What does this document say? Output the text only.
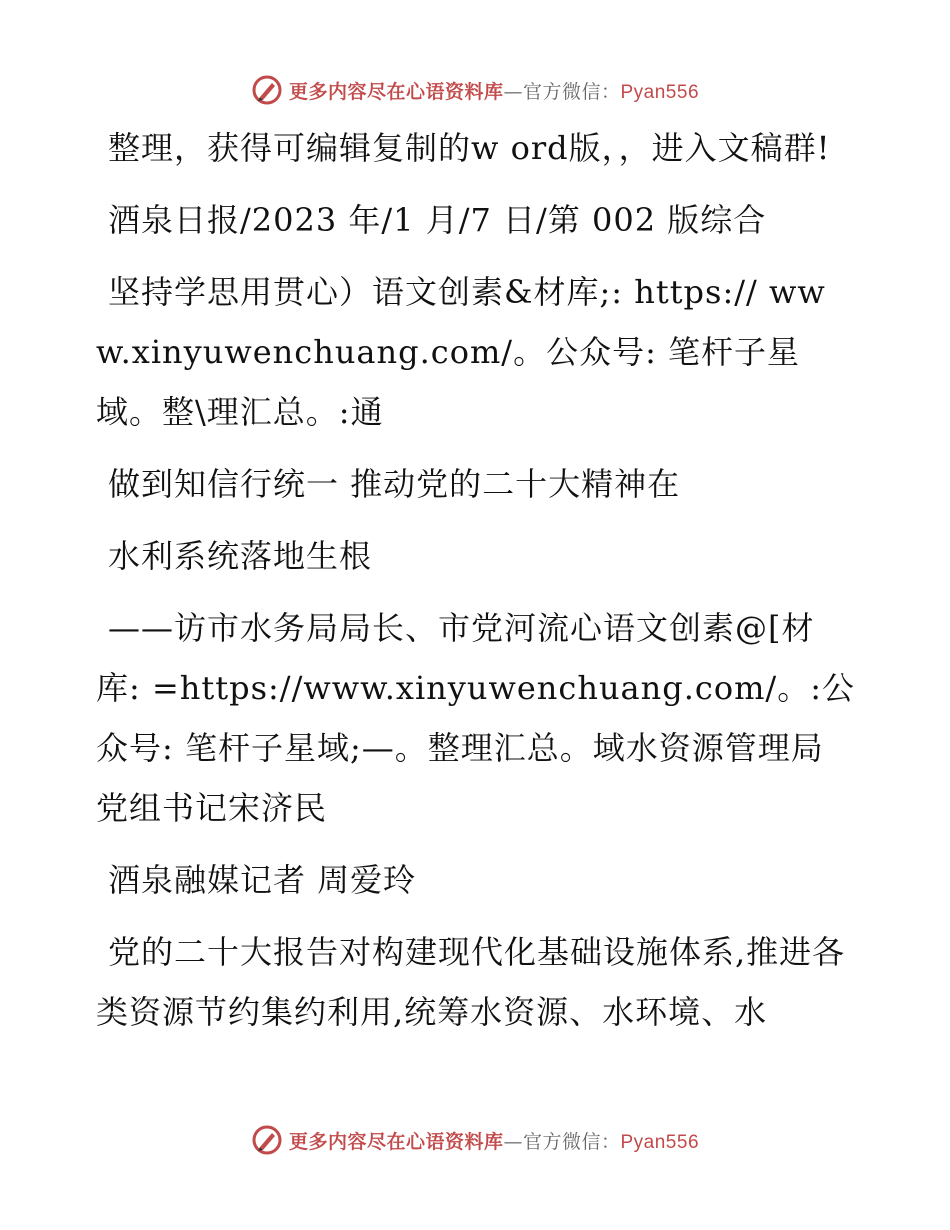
更多内容尽在心语资料库—官方微信：Pyan556

整理，获得可编辑复制的w ord版，，进入文稿群!

酒泉日报/2023 年/1 月/7 日/第 002 版综合

坚持学思用贯心）语文创素&材库;: https:// www.xinyuwenchuang.com/。公众号: 笔杆子星域。整\理汇总。:通

做到知信行统一 推动党的二十大精神在

水利系统落地生根

——访市水务局局长、市党河流心语文创素@[材库: =https://www.xinyuwenchuang.com/。:公众号: 笔杆子星域;—。整理汇总。域水资源管理局党组书记宋济民

酒泉融媒记者 周爱玲

党的二十大报告对构建现代化基础设施体系,推进各类资源节约集约利用,统筹水资源、水环境、水

更多内容尽在心语资料库—官方微信：Pyan556
